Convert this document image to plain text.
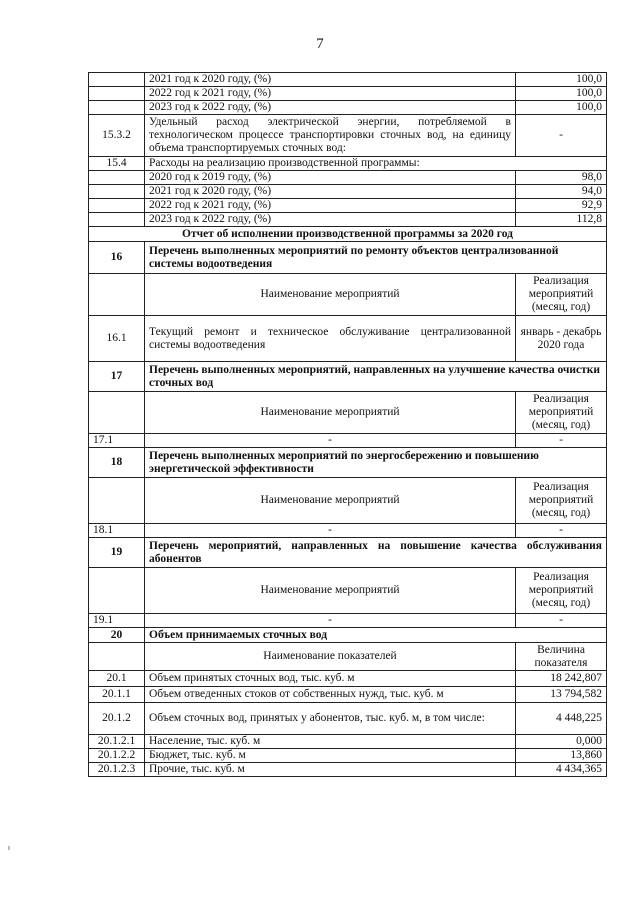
7
	2021 год к 2020 году, (%)	100,0
	2022 год к 2021 году, (%)	100,0
	2023 год к 2022 году, (%)	100,0
15.3.2	Удельный расход электрической энергии, потребляемой в технологическом процессе транспортировки сточных вод, на единицу объема транспортируемых сточных вод:	-
15.4	Расходы на реализацию производственной программы:	
	2020 год к 2019 году, (%)	98,0
	2021 год к 2020 году, (%)	94,0
	2022 год к 2021 году, (%)	92,9
	2023 год к 2022 году, (%)	112,8
Отчет об исполнении производственной программы за 2020 год		
16	Перечень выполненных мероприятий по ремонту объектов централизованной системы водоотведения	
	Наименование мероприятий	Реализация мероприятий (месяц, год)
16.1	Текущий ремонт и техническое обслуживание централизованной системы водоотведения	январь - декабрь 2020 года
17	Перечень выполненных мероприятий, направленных на улучшение качества очистки сточных вод	
	Наименование мероприятий	Реализация мероприятий (месяц, год)
17.1	-	-
18	Перечень выполненных мероприятий по энергосбережению и повышению энергетической эффективности	
	Наименование мероприятий	Реализация мероприятий (месяц, год)
18.1	-	-
19	Перечень мероприятий, направленных на повышение качества обслуживания абонентов	
	Наименование мероприятий	Реализация мероприятий (месяц, год)
19.1	-	-
20	Объем принимаемых сточных вод	
	Наименование показателей	Величина показателя
20.1	Объем принятых сточных вод, тыс. куб. м	18 242,807
20.1.1	Объем отведенных стоков от собственных нужд, тыс. куб. м	13 794,582
20.1.2	Объем сточных вод, принятых у абонентов, тыс. куб. м, в том числе:	4 448,225
20.1.2.1	Население, тыс. куб. м	0,000
20.1.2.2	Бюджет, тыс. куб. м	13,860
20.1.2.3	Прочие, тыс. куб. м	4 434,365
